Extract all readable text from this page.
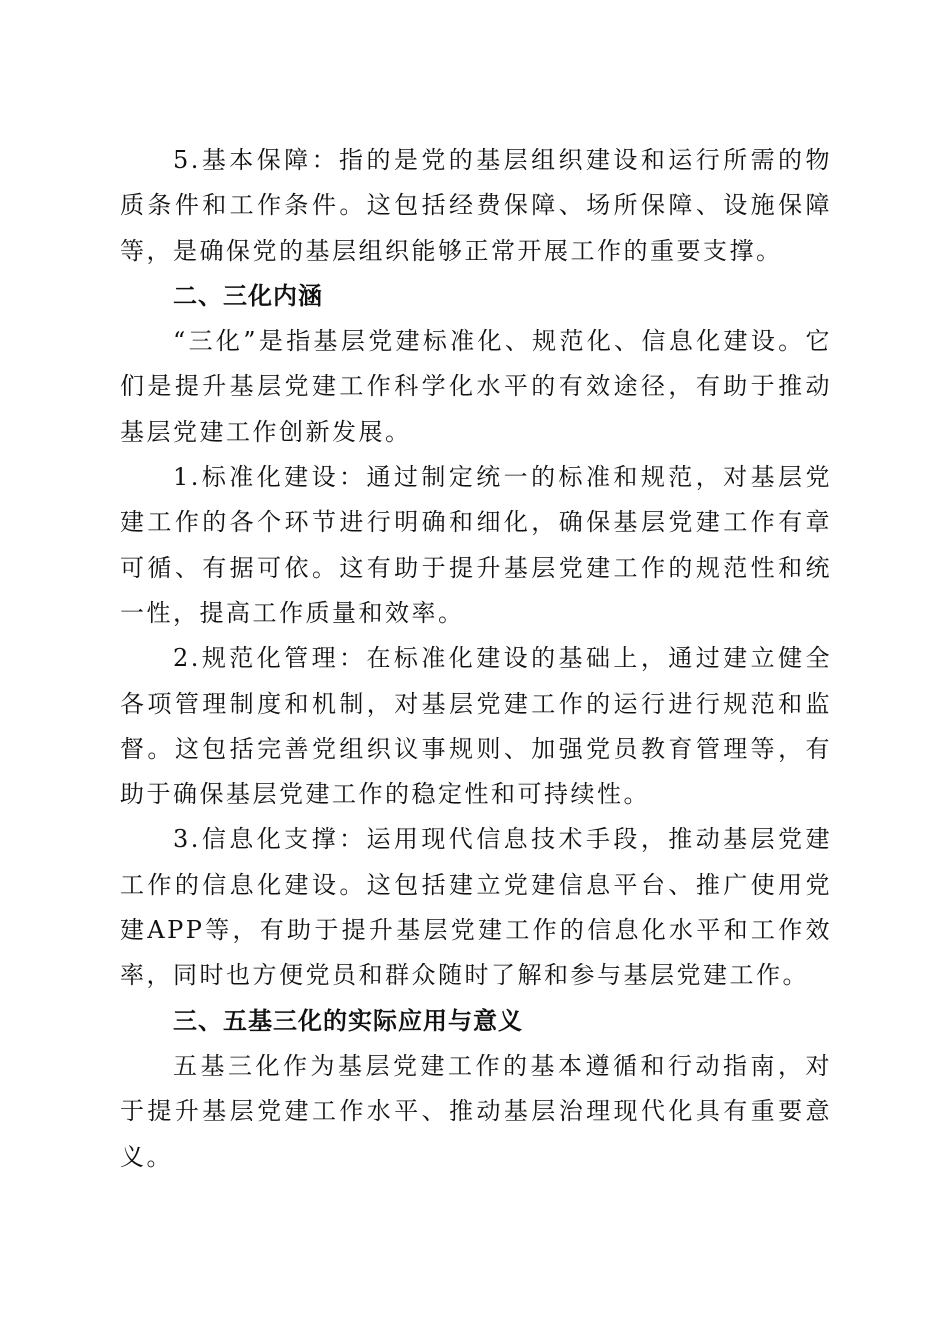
5.基本保障：指的是党的基层组织建设和运行所需的物质条件和工作条件。这包括经费保障、场所保障、设施保障等，是确保党的基层组织能够正常开展工作的重要支撑。

二、三化内涵

“三化”是指基层党建标准化、规范化、信息化建设。它们是提升基层党建工作科学化水平的有效途径，有助于推动基层党建工作创新发展。

1.标准化建设：通过制定统一的标准和规范，对基层党建工作的各个环节进行明确和细化，确保基层党建工作有章可循、有据可依。这有助于提升基层党建工作的规范性和统一性，提高工作质量和效率。

2.规范化管理：在标准化建设的基础上，通过建立健全各项管理制度和机制，对基层党建工作的运行进行规范和监督。这包括完善党组织议事规则、加强党员教育管理等，有助于确保基层党建工作的稳定性和可持续性。

3.信息化支撑：运用现代信息技术手段，推动基层党建工作的信息化建设。这包括建立党建信息平台、推广使用党建APP等，有助于提升基层党建工作的信息化水平和工作效率，同时也方便党员和群众随时了解和参与基层党建工作。

三、五基三化的实际应用与意义

五基三化作为基层党建工作的基本遵循和行动指南，对于提升基层党建工作水平、推动基层治理现代化具有重要意义。
